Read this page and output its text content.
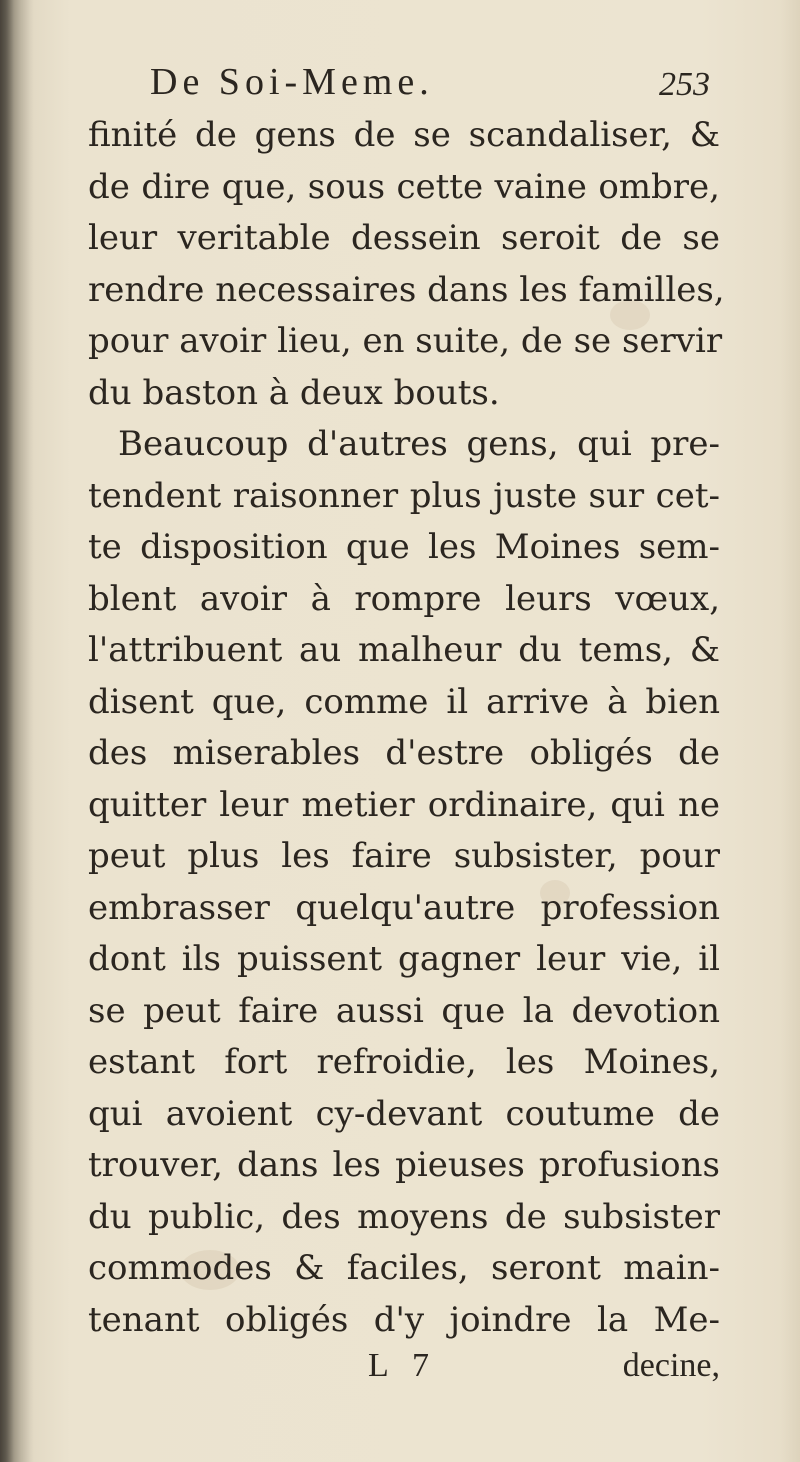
De Soi-Meme.	253
finité de gens de se scandaliser, &
de dire que, sous cette vaine ombre,
leur veritable dessein seroit de se
rendre necessaires dans les familles,
pour avoir lieu, en suite, de se servir
du baston à deux bouts.
Beaucoup d'autres gens, qui pre-
tendent raisonner plus juste sur cet-
te disposition que les Moines sem-
blent avoir à rompre leurs vœux,
l'attribuent au malheur du tems, &
disent que, comme il arrive à bien
des miserables d'estre obligés de
quitter leur metier ordinaire, qui ne
peut plus les faire subsister, pour
embrasser quelqu'autre profession
dont ils puissent gagner leur vie, il
se peut faire aussi que la devotion
estant fort refroidie, les Moines,
qui avoient cy-devant coutume de
trouver, dans les pieuses profusions
du public, des moyens de subsister
commodes & faciles, seront main-
tenant obligés d'y joindre la Me-
L 7	decine,
